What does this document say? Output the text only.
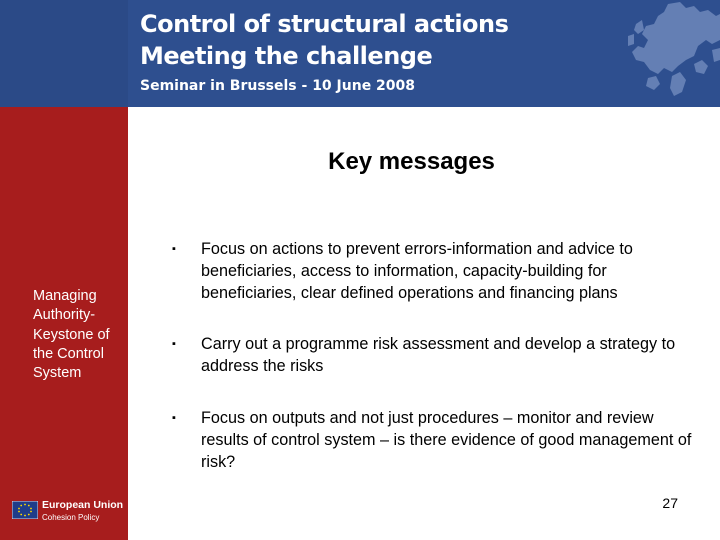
Control of structural actions
Meeting the challenge
Seminar in Brussels - 10 June 2008
Managing Authority-Keystone of the Control System
European Union
Cohesion Policy
Key messages
▪ Focus on actions to prevent errors-information and advice to beneficiaries, access to information, capacity-building for beneficiaries, clear defined operations and financing plans
▪ Carry out a programme risk assessment and develop a strategy to address the risks
▪ Focus on outputs and not just procedures – monitor and review results of control system – is there evidence of good management of risk?
27
